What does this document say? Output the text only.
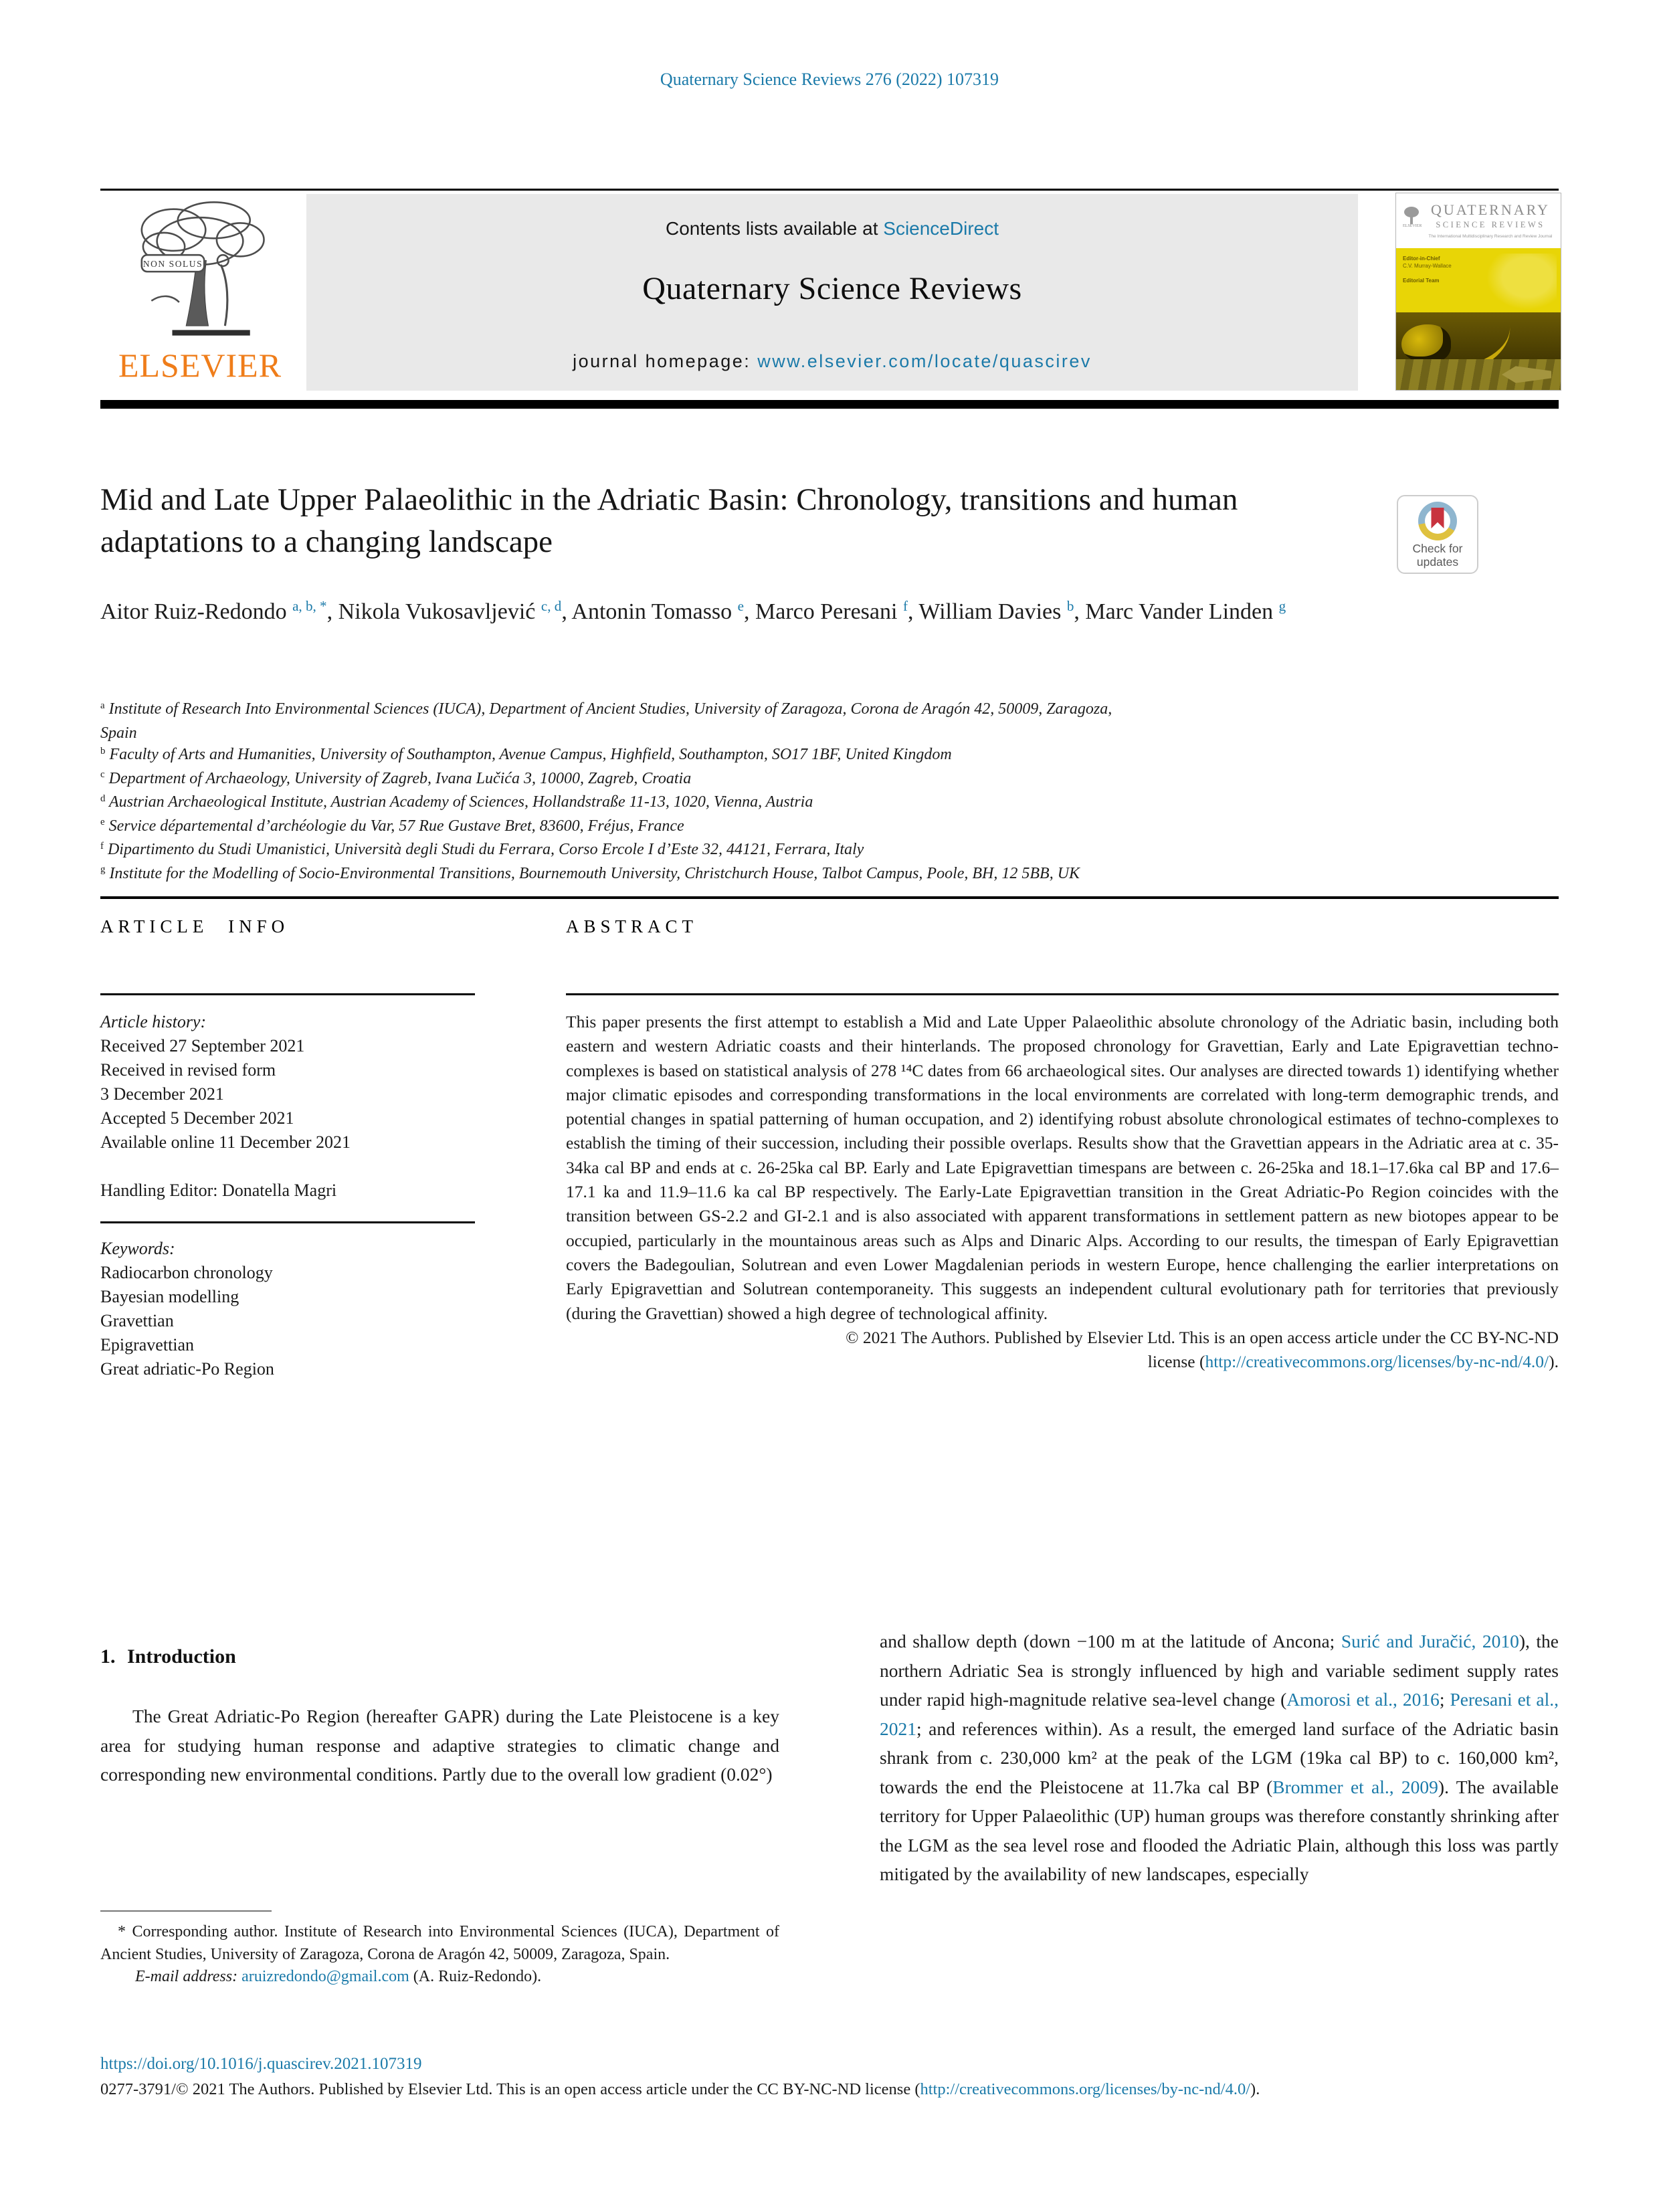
Quaternary Science Reviews 276 (2022) 107319
NON SOLUS
ELSEVIER
Contents lists available at ScienceDirect
Quaternary Science Reviews
journal homepage: www.elsevier.com/locate/quascirev
ELSEVIER
QUATERNARY
SCIENCE REVIEWS
The International Multidisciplinary Research and Review Journal
Editor-in-Chief
C.V. Murray-Wallace

Editorial Team
Mid and Late Upper Palaeolithic in the Adriatic Basin: Chronology, transitions and human adaptations to a changing landscape	Check for
updates
Aitor Ruiz-Redondo $^{a, b, *}$, Nikola Vukosavljević $^{c, d}$, Antonin Tomasso $^e$, Marco Peresani $^f$, William Davies $^b$, Marc Vander Linden $^g$
$^a$ Institute of Research Into Environmental Sciences (IUCA), Department of Ancient Studies, University of Zaragoza, Corona de Aragón 42, 50009, Zaragoza,
Spain
$^b$ Faculty of Arts and Humanities, University of Southampton, Avenue Campus, Highfield, Southampton, SO17 1BF, United Kingdom
$^c$ Department of Archaeology, University of Zagreb, Ivana Lučića 3, 10000, Zagreb, Croatia
$^d$ Austrian Archaeological Institute, Austrian Academy of Sciences, Hollandstraße 11-13, 1020, Vienna, Austria
$^e$ Service départemental d’archéologie du Var, 57 Rue Gustave Bret, 83600, Fréjus, France
$^f$ Dipartimento du Studi Umanistici, Università degli Studi du Ferrara, Corso Ercole I d’Este 32, 44121, Ferrara, Italy
$^g$ Institute for the Modelling of Socio-Environmental Transitions, Bournemouth University, Christchurch House, Talbot Campus, Poole, BH, 12 5BB, UK
ARTICLE INFO
Article history:
Received 27 September 2021
Received in revised form
3 December 2021
Accepted 5 December 2021
Available online 11 December 2021
Handling Editor: Donatella Magri
Keywords:
Radiocarbon chronology
Bayesian modelling
Gravettian
Epigravettian
Great adriatic-Po Region
ABSTRACT
This paper presents the first attempt to establish a Mid and Late Upper Palaeolithic absolute chronology of the Adriatic basin, including both eastern and western Adriatic coasts and their hinterlands. The proposed chronology for Gravettian, Early and Late Epigravettian techno-complexes is based on statistical analysis of 278 ¹⁴C dates from 66 archaeological sites. Our analyses are directed towards 1) identifying whether major climatic episodes and corresponding transformations in the local environments are correlated with long-term demographic trends, and potential changes in spatial patterning of human occupation, and 2) identifying robust absolute chronological estimates of techno-complexes to establish the timing of their succession, including their possible overlaps. Results show that the Gravettian appears in the Adriatic area at c. 35-34ka cal BP and ends at c. 26-25ka cal BP. Early and Late Epigravettian timespans are between c. 26-25ka and 18.1–17.6ka cal BP and 17.6–17.1 ka and 11.9–11.6 ka cal BP respectively. The Early-Late Epigravettian transition in the Great Adriatic-Po Region coincides with the transition between GS-2.2 and GI-2.1 and is also associated with apparent transformations in settlement pattern as new biotopes appear to be occupied, particularly in the mountainous areas such as Alps and Dinaric Alps. According to our results, the timespan of Early Epigravettian covers the Badegoulian, Solutrean and even Lower Magdalenian periods in western Europe, hence challenging the earlier interpretations on Early Epigravettian and Solutrean contemporaneity. This suggests an independent cultural evolutionary path for territories that previously (during the Gravettian) showed a high degree of technological affinity.
© 2021 The Authors. Published by Elsevier Ltd. This is an open access article under the CC BY-NC-ND
license (http://creativecommons.org/licenses/by-nc-nd/4.0/).
1. Introduction

The Great Adriatic-Po Region (hereafter GAPR) during the Late Pleistocene is a key area for studying human response and adaptive strategies to climatic change and corresponding new environmental conditions. Partly due to the overall low gradient (0.02°)

and shallow depth (down −100 m at the latitude of Ancona; Surić and Juračić, 2010), the northern Adriatic Sea is strongly influenced by high and variable sediment supply rates under rapid high-magnitude relative sea-level change (Amorosi et al., 2016; Peresani et al., 2021; and references within). As a result, the emerged land surface of the Adriatic basin shrank from c. 230,000 km² at the peak of the LGM (19ka cal BP) to c. 160,000 km², towards the end the Pleistocene at 11.7ka cal BP (Brommer et al., 2009). The available territory for Upper Palaeolithic (UP) human groups was therefore constantly shrinking after the LGM as the sea level rose and flooded the Adriatic Plain, although this loss was partly mitigated by the availability of new landscapes, especially

* Corresponding author. Institute of Research into Environmental Sciences (IUCA), Department of Ancient Studies, University of Zaragoza, Corona de Aragón 42, 50009, Zaragoza, Spain.
E-mail address: aruizredondo@gmail.com (A. Ruiz-Redondo).
https://doi.org/10.1016/j.quascirev.2021.107319
0277-3791/© 2021 The Authors. Published by Elsevier Ltd. This is an open access article under the CC BY-NC-ND license (http://creativecommons.org/licenses/by-nc-nd/4.0/).
